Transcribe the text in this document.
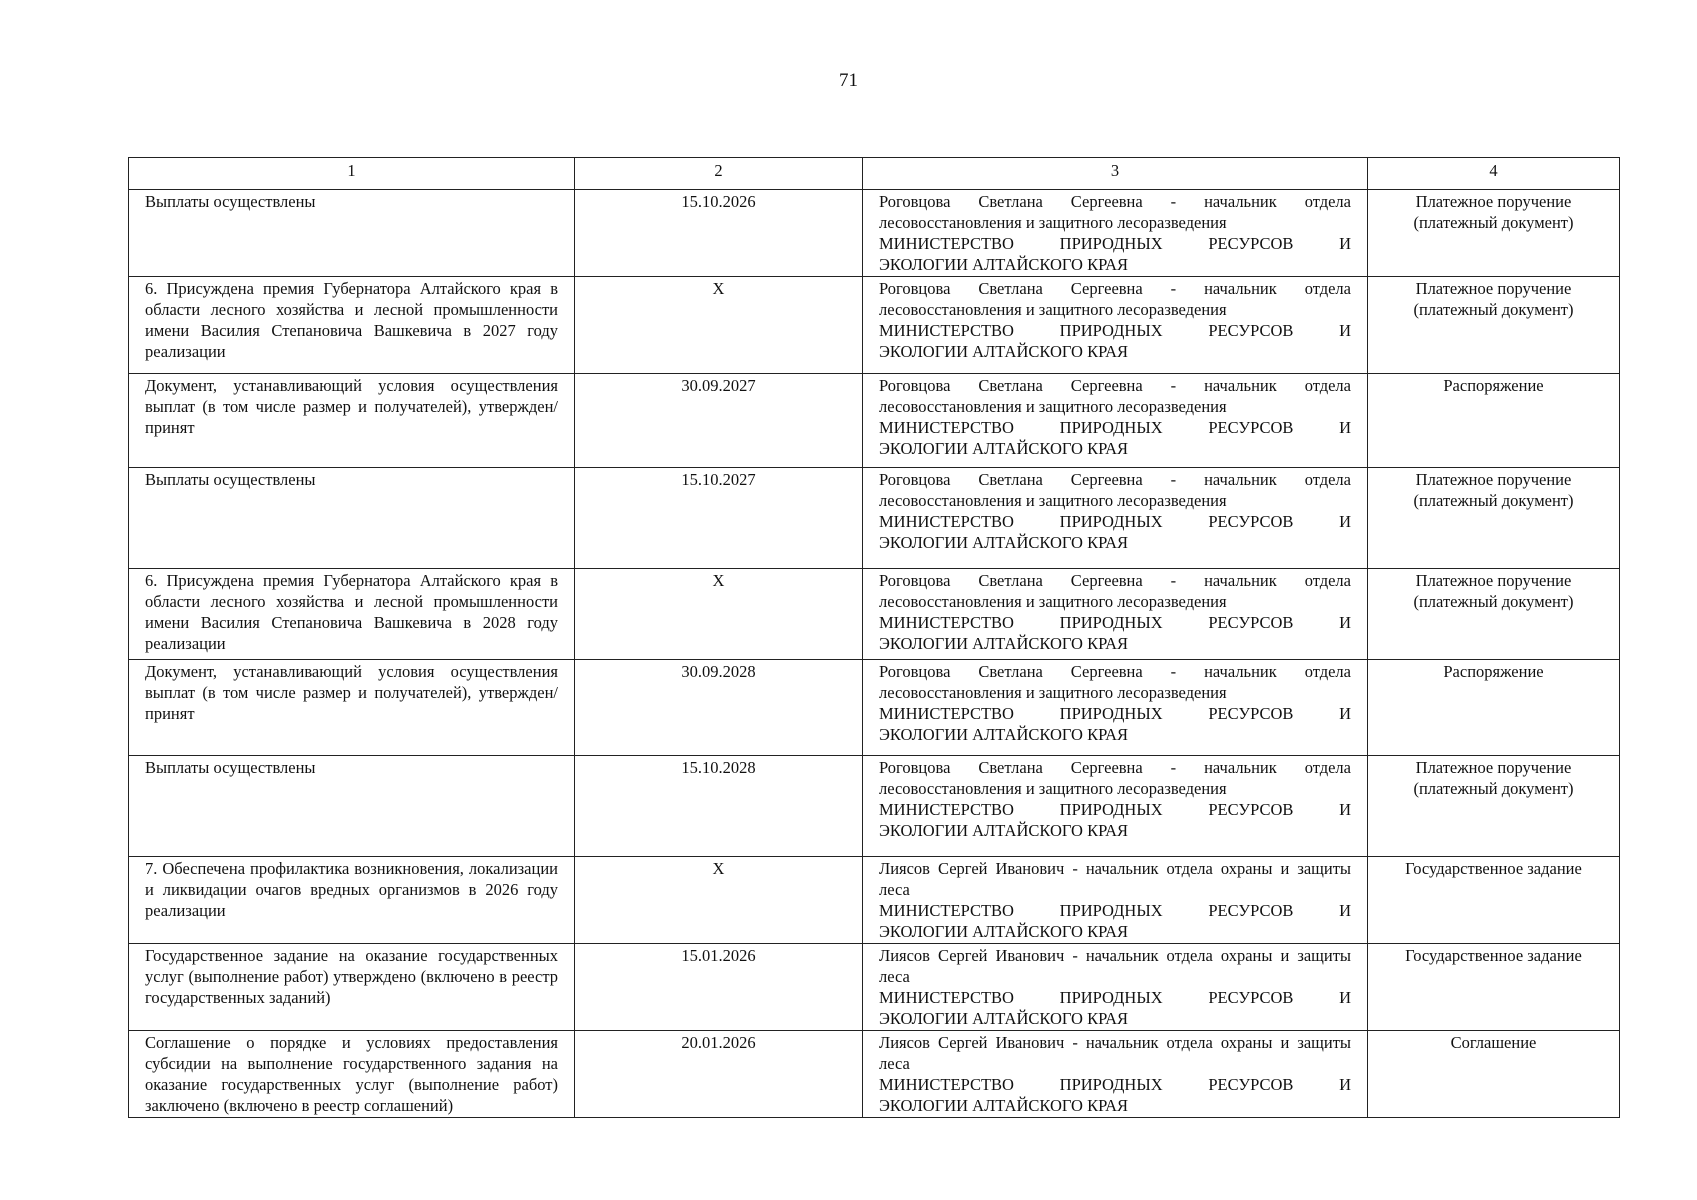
71
1	2	3	4
Выплаты осуществлены	15.10.2026	Роговцова Светлана Сергеевна - начальник отдела лесовосстановления и защитного лесоразведения
МИНИСТЕРСТВО ПРИРОДНЫХ РЕСУРСОВ И
ЭКОЛОГИИ АЛТАЙСКОГО КРАЯ	Платежное поручение (платежный документ)
6. Присуждена премия Губернатора Алтайского края в области лесного хозяйства и лесной промышленности имени Василия Степановича Вашкевича в 2027 году реализации	X	Роговцова Светлана Сергеевна - начальник отдела лесовосстановления и защитного лесоразведения
МИНИСТЕРСТВО ПРИРОДНЫХ РЕСУРСОВ И
ЭКОЛОГИИ АЛТАЙСКОГО КРАЯ	Платежное поручение (платежный документ)
Документ, устанавливающий условия осуществления выплат (в том числе размер и получателей), утвержден/принят	30.09.2027	Роговцова Светлана Сергеевна - начальник отдела лесовосстановления и защитного лесоразведения
МИНИСТЕРСТВО ПРИРОДНЫХ РЕСУРСОВ И
ЭКОЛОГИИ АЛТАЙСКОГО КРАЯ	Распоряжение
Выплаты осуществлены	15.10.2027	Роговцова Светлана Сергеевна - начальник отдела лесовосстановления и защитного лесоразведения
МИНИСТЕРСТВО ПРИРОДНЫХ РЕСУРСОВ И
ЭКОЛОГИИ АЛТАЙСКОГО КРАЯ	Платежное поручение (платежный документ)
6. Присуждена премия Губернатора Алтайского края в области лесного хозяйства и лесной промышленности имени Василия Степановича Вашкевича в 2028 году реализации	X	Роговцова Светлана Сергеевна - начальник отдела лесовосстановления и защитного лесоразведения
МИНИСТЕРСТВО ПРИРОДНЫХ РЕСУРСОВ И
ЭКОЛОГИИ АЛТАЙСКОГО КРАЯ	Платежное поручение (платежный документ)
Документ, устанавливающий условия осуществления выплат (в том числе размер и получателей), утвержден/принят	30.09.2028	Роговцова Светлана Сергеевна - начальник отдела лесовосстановления и защитного лесоразведения
МИНИСТЕРСТВО ПРИРОДНЫХ РЕСУРСОВ И
ЭКОЛОГИИ АЛТАЙСКОГО КРАЯ	Распоряжение
Выплаты осуществлены	15.10.2028	Роговцова Светлана Сергеевна - начальник отдела лесовосстановления и защитного лесоразведения
МИНИСТЕРСТВО ПРИРОДНЫХ РЕСУРСОВ И
ЭКОЛОГИИ АЛТАЙСКОГО КРАЯ	Платежное поручение (платежный документ)
7. Обеспечена профилактика возникновения, локализации и ликвидации очагов вредных организмов в 2026 году реализации	X	Лиясов Сергей Иванович - начальник отдела охраны и защиты леса
МИНИСТЕРСТВО ПРИРОДНЫХ РЕСУРСОВ И
ЭКОЛОГИИ АЛТАЙСКОГО КРАЯ	Государственное задание
Государственное задание на оказание государственных услуг (выполнение работ) утверждено (включено в реестр государственных заданий)	15.01.2026	Лиясов Сергей Иванович - начальник отдела охраны и защиты леса
МИНИСТЕРСТВО ПРИРОДНЫХ РЕСУРСОВ И
ЭКОЛОГИИ АЛТАЙСКОГО КРАЯ	Государственное задание
Соглашение о порядке и условиях предоставления субсидии на выполнение государственного задания на оказание государственных услуг (выполнение работ) заключено (включено в реестр соглашений)	20.01.2026	Лиясов Сергей Иванович - начальник отдела охраны и защиты леса
МИНИСТЕРСТВО ПРИРОДНЫХ РЕСУРСОВ И
ЭКОЛОГИИ АЛТАЙСКОГО КРАЯ	Соглашение
